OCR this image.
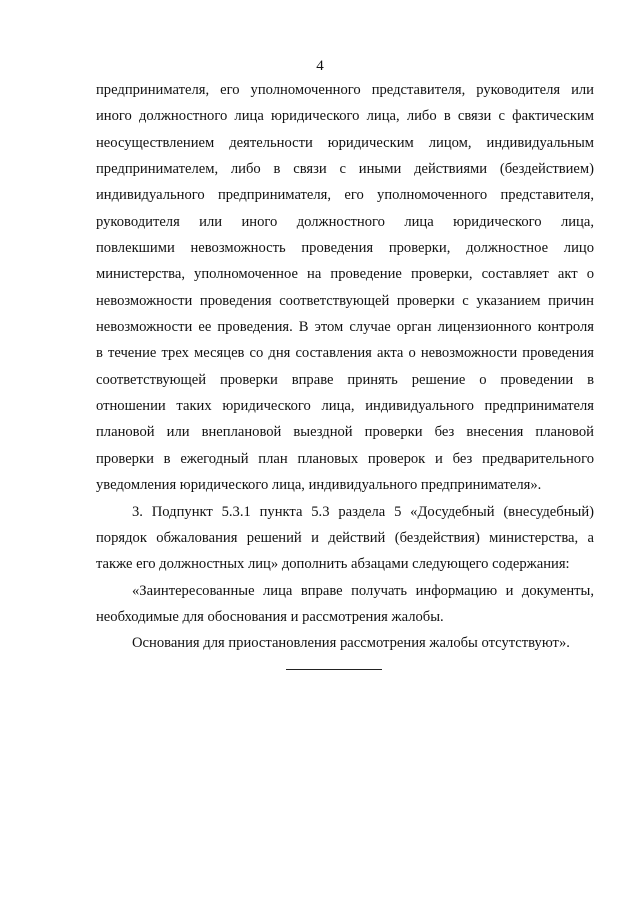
4
предпринимателя, его уполномоченного представителя, руководителя или
иного должностного лица юридического лица, либо в связи с фактическим
неосуществлением деятельности юридическим лицом, индивидуальным
предпринимателем, либо в связи с иными действиями (бездействием)
индивидуального предпринимателя, его уполномоченного представителя,
руководителя или иного должностного лица юридического лица,
повлекшими невозможность проведения проверки, должностное лицо
министерства, уполномоченное на проведение проверки, составляет акт о
невозможности проведения соответствующей проверки с указанием причин
невозможности ее проведения. В этом случае орган лицензионного контроля
в течение трех месяцев со дня составления акта о невозможности проведения
соответствующей проверки вправе принять решение о проведении в
отношении таких юридического лица, индивидуального предпринимателя
плановой или внеплановой выездной проверки без внесения плановой
проверки в ежегодный план плановых проверок и без предварительного
уведомления юридического лица, индивидуального предпринимателя».
3. Подпункт 5.3.1 пункта 5.3 раздела 5 «Досудебный (внесудебный)
порядок обжалования решений и действий (бездействия) министерства, а
также его должностных лиц» дополнить абзацами следующего содержания:
«Заинтересованные лица вправе получать информацию и документы,
необходимые для обоснования и рассмотрения жалобы.
Основания для приостановления рассмотрения жалобы отсутствуют».
